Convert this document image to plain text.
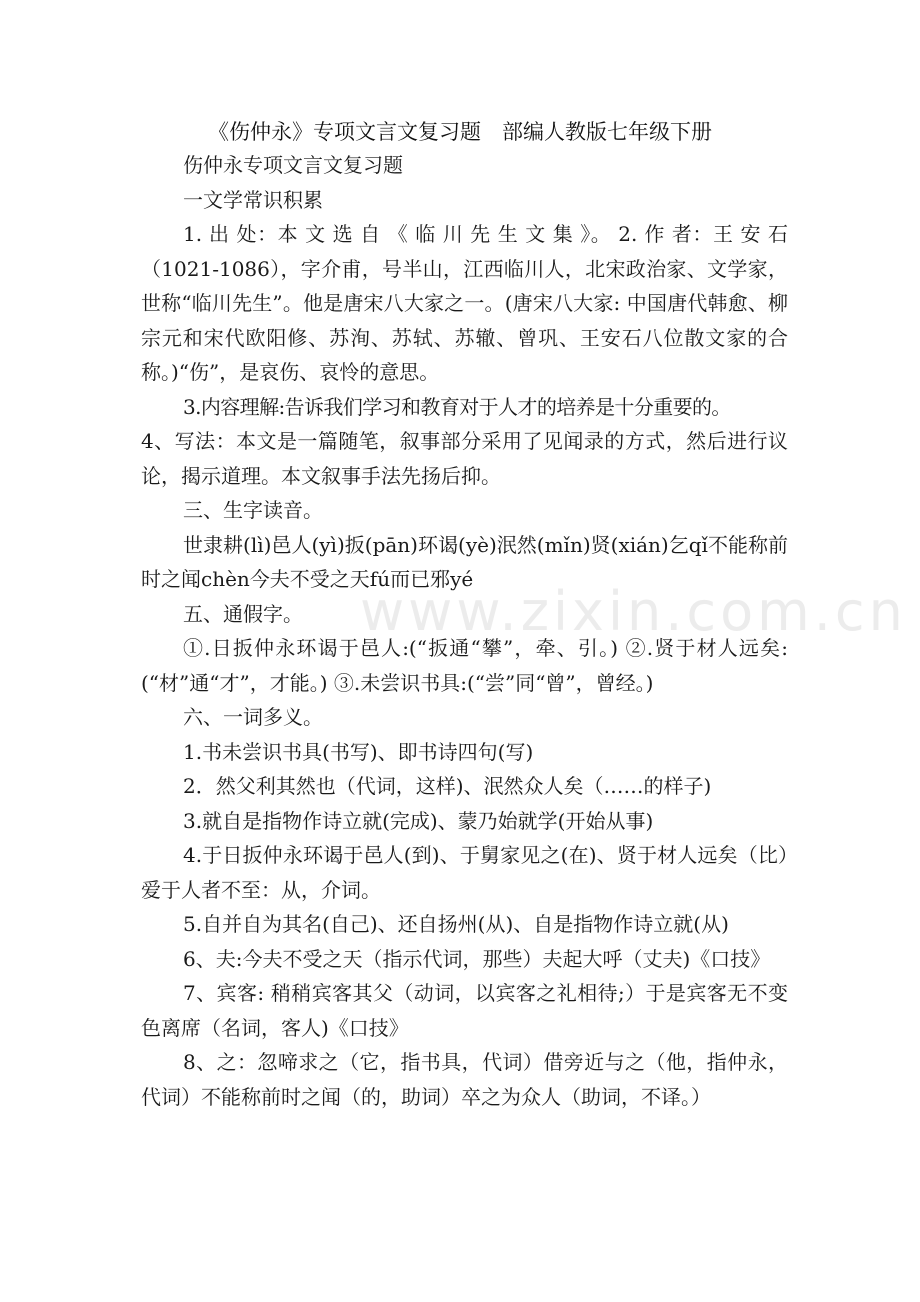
www.zixin.com.cn
《伤仲永》专项文言文复习题　部编人教版七年级下册

伤仲永专项文言文复习题

一文学常识积累

1. 出 处：本 文 选 自 《 临 川 先 生 文 集 》。 2. 作 者：王 安 石（1021-1086），字介甫，号半山，江西临川人，北宋政治家、文学家，世称“临川先生”。他是唐宋八大家之一。(唐宋八大家: 中国唐代韩愈、柳宗元和宋代欧阳修、苏洵、苏轼、苏辙、曾巩、王安石八位散文家的合称。)“伤”，是哀伤、哀怜的意思。

3.内容理解:告诉我们学习和教育对于人才的培养是十分重要的。

4、写法：本文是一篇随笔，叙事部分采用了见闻录的方式，然后进行议论，揭示道理。本文叙事手法先扬后抑。

三、生字读音。

世隶耕(lì)邑人(yì)扳(pān)环谒(yè)泯然(mǐn)贤(xián)乞qǐ不能称前时之闻chèn今夫不受之天fú而已邪yé

五、通假字。

①.日扳仲永环谒于邑人:(“扳通“攀”，牵、引。) ②.贤于材人远矣:(“材”通“才”，才能。) ③.未尝识书具:(“尝”同“曾”，曾经。)

六、一词多义。

1.书未尝识书具(书写)、即书诗四句(写)

2．然父利其然也（代词，这样)、泯然众人矣（……的样子)

3.就自是指物作诗立就(完成)、蒙乃始就学(开始从事)

4.于日扳仲永环谒于邑人(到)、于舅家见之(在)、贤于材人远矣（比）爱于人者不至：从，介词。

5.自并自为其名(自己)、还自扬州(从)、自是指物作诗立就(从)

6、夫:今夫不受之天（指示代词，那些）夫起大呼（丈夫)《口技》

7、宾客: 稍稍宾客其父（动词，以宾客之礼相待;）于是宾客无不变色离席（名词，客人)《口技》

8、之：忽啼求之（它，指书具，代词）借旁近与之（他，指仲永，代词）不能称前时之闻（的，助词）卒之为众人（助词，不译。）
